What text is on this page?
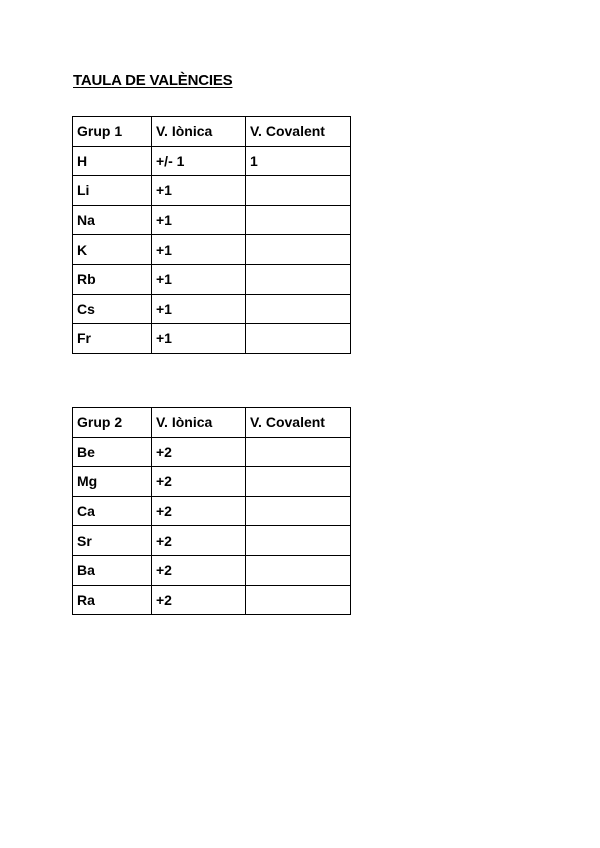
TAULA DE VALÈNCIES
Grup 1	V. Iònica	V. Covalent
H	+/- 1	1
Li	+1	
Na	+1	
K	+1	
Rb	+1	
Cs	+1	
Fr	+1	
Grup 2	V. Iònica	V. Covalent
Be	+2	
Mg	+2	
Ca	+2	
Sr	+2	
Ba	+2	
Ra	+2	
